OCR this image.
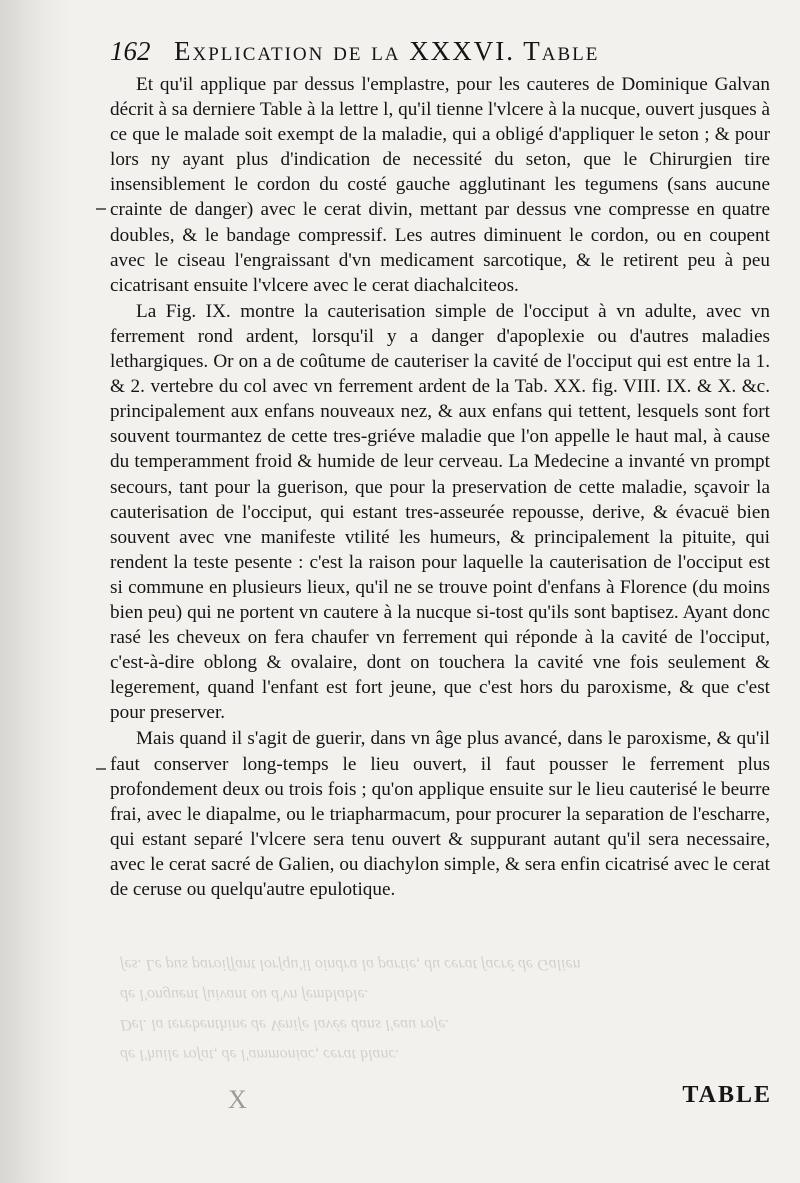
ſes. Le pus paroiſſant lorſqu'il oindra la partie, du cerat ſacré de Galien
de l'onguent ſuivant ou d'vn ſemblable.
Del. la terebenthine de Veniſe lavée dans l'eau roſe.
de l'huile roſat, de l'ammoniac, cerat blanc.
X
162 Explication de la XXXVI. Table

Et qu'il applique par dessus l'emplastre, pour les cauteres de Dominique Galvan décrit à sa derniere Table à la lettre l, qu'il tienne l'vlcere à la nucque, ouvert jusques à ce que le malade soit exempt de la maladie, qui a obligé d'appliquer le seton ; & pour lors ny ayant plus d'indication de necessité du seton, que le Chirurgien tire insensiblement le cordon du costé gauche agglutinant les tegumens (sans aucune crainte de danger) avec le cerat divin, mettant par dessus vne compresse en quatre doubles, & le bandage compressif. Les autres diminuent le cordon, ou en coupent avec le ciseau l'engraissant d'vn medicament sarcotique, & le retirent peu à peu cicatrisant ensuite l'vlcere avec le cerat diachalciteos.

La Fig. IX. montre la cauterisation simple de l'occiput à vn adulte, avec vn ferrement rond ardent, lorsqu'il y a danger d'apoplexie ou d'autres maladies lethargiques. Or on a de coûtume de cauteriser la cavité de l'occiput qui est entre la 1. & 2. vertebre du col avec vn ferrement ardent de la Tab. XX. fig. VIII. IX. & X. &c. principalement aux enfans nouveaux nez, & aux enfans qui tettent, lesquels sont fort souvent tourmantez de cette tres-griéve maladie que l'on appelle le haut mal, à cause du temperamment froid & humide de leur cerveau. La Medecine a invanté vn prompt secours, tant pour la guerison, que pour la preservation de cette maladie, sçavoir la cauterisation de l'occiput, qui estant tres-asseurée repousse, derive, & évacuë bien souvent avec vne manifeste vtilité les humeurs, & principalement la pituite, qui rendent la teste pesente : c'est la raison pour laquelle la cauterisation de l'occiput est si commune en plusieurs lieux, qu'il ne se trouve point d'enfans à Florence (du moins bien peu) qui ne portent vn cautere à la nucque si-tost qu'ils sont baptisez. Ayant donc rasé les cheveux on fera chaufer vn ferrement qui réponde à la cavité de l'occiput, c'est-à-dire oblong & ovalaire, dont on touchera la cavité vne fois seulement & legerement, quand l'enfant est fort jeune, que c'est hors du paroxisme, & que c'est pour preserver.

Mais quand il s'agit de guerir, dans vn âge plus avancé, dans le paroxisme, & qu'il faut conserver long-temps le lieu ouvert, il faut pousser le ferrement plus profondement deux ou trois fois ; qu'on applique ensuite sur le lieu cauterisé le beurre frai, avec le diapalme, ou le triapharmacum, pour procurer la separation de l'escharre, qui estant separé l'vlcere sera tenu ouvert & suppurant autant qu'il sera necessaire, avec le cerat sacré de Galien, ou diachylon simple, & sera enfin cicatrisé avec le cerat de ceruse ou quelqu'autre epulotique.

TABLE
